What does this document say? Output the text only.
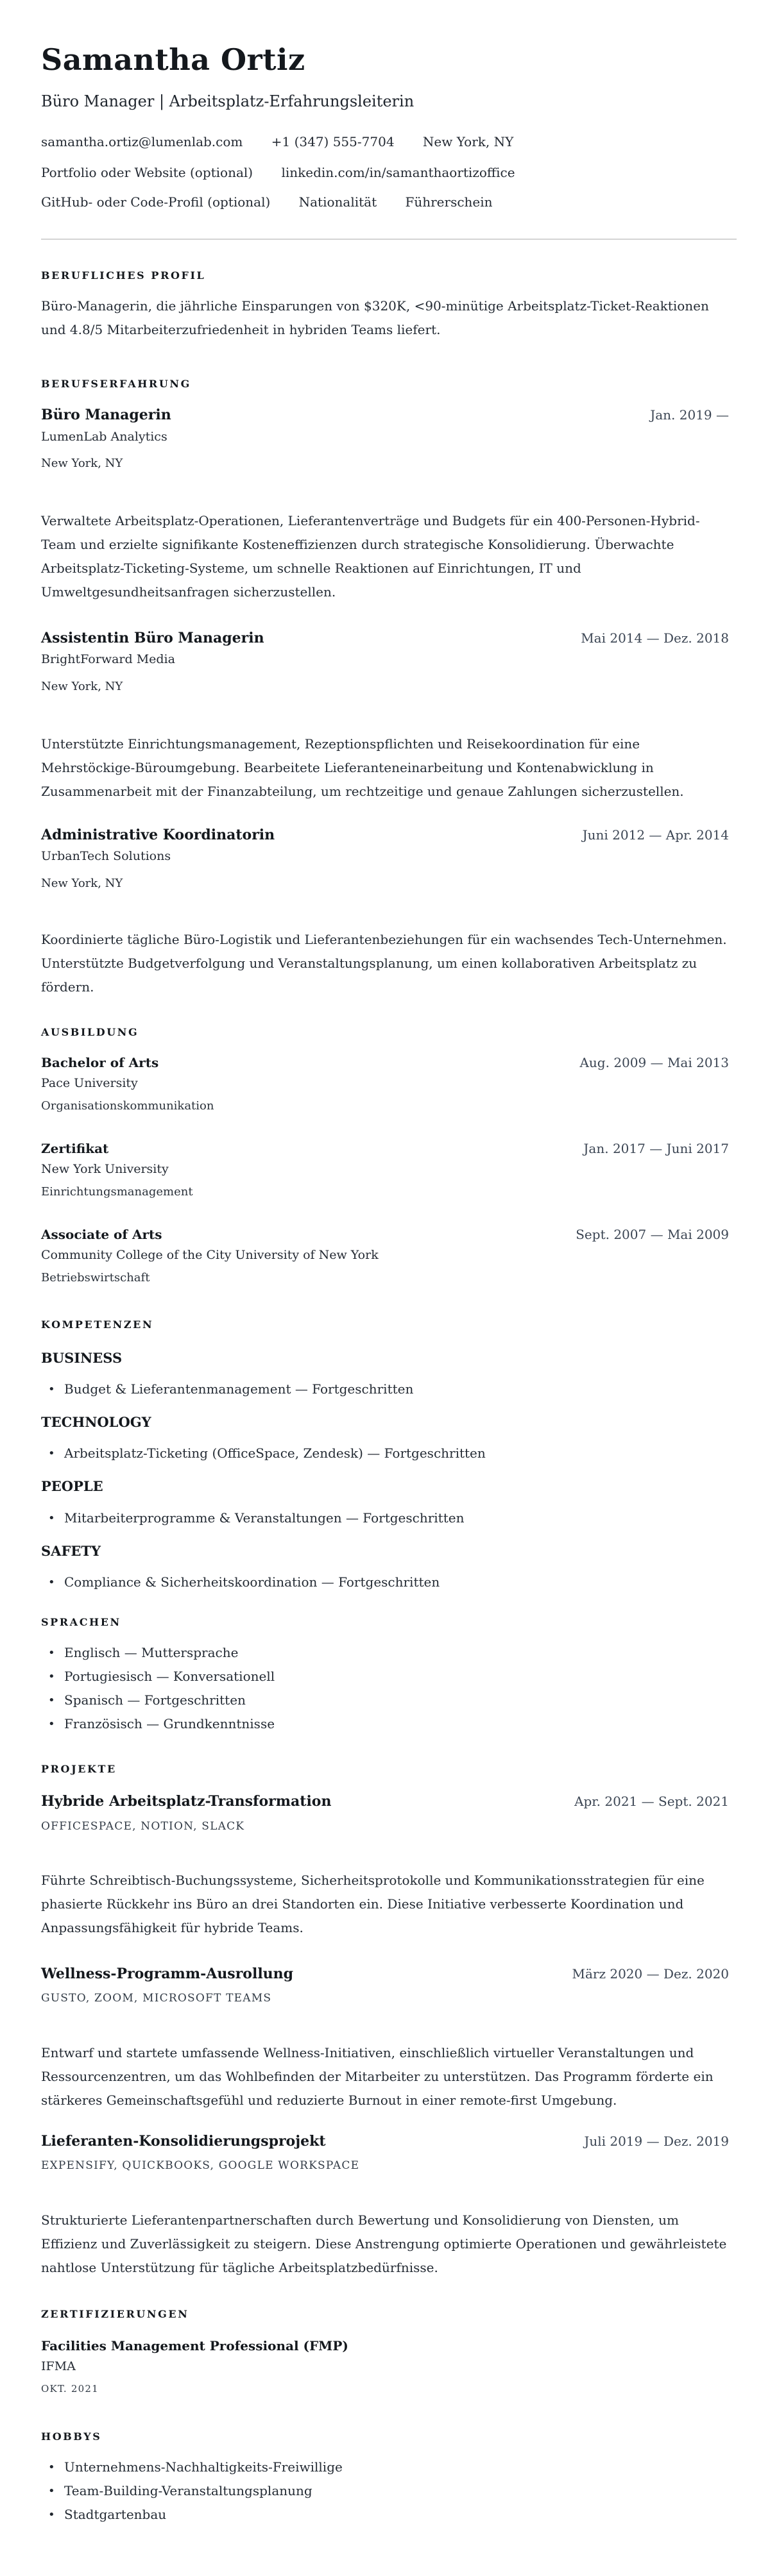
Samantha Ortiz
Büro Manager | Arbeitsplatz-Erfahrungsleiterin
samantha.ortiz@lumenlab.com +1 (347) 555-7704 New York, NY
Portfolio oder Website (optional) linkedin.com/in/samanthaortizoffice
GitHub- oder Code-Profil (optional) Nationalität Führerschein
BERUFLICHES PROFIL

Büro-Managerin, die jährliche Einsparungen von $320K, <90-minütige Arbeitsplatz-Ticket-Reaktionen und 4.8/5 Mitarbeiterzufriedenheit in hybriden Teams liefert.

BERUFSERFAHRUNG
Büro Managerin	Jan. 2019 —
LumenLab Analytics
New York, NY

Verwaltete Arbeitsplatz-Operationen, Lieferantenverträge und Budgets für ein 400-Personen-Hybrid-Team und erzielte signifikante Kosteneffizienzen durch strategische Konsolidierung. Überwachte Arbeitsplatz-Ticketing-Systeme, um schnelle Reaktionen auf Einrichtungen, IT und Umweltgesundheitsanfragen sicherzustellen.

Assistentin Büro Managerin	Mai 2014 — Dez. 2018
BrightForward Media
New York, NY

Unterstützte Einrichtungsmanagement, Rezeptionspflichten und Reisekoordination für eine Mehrstöckige-Büroumgebung. Bearbeitete Lieferanteneinarbeitung und Kontenabwicklung in Zusammenarbeit mit der Finanzabteilung, um rechtzeitige und genaue Zahlungen sicherzustellen.

Administrative Koordinatorin	Juni 2012 — Apr. 2014
UrbanTech Solutions
New York, NY

Koordinierte tägliche Büro-Logistik und Lieferantenbeziehungen für ein wachsendes Tech-Unternehmen. Unterstützte Budgetverfolgung und Veranstaltungsplanung, um einen kollaborativen Arbeitsplatz zu fördern.

AUSBILDUNG
Bachelor of Arts	Aug. 2009 — Mai 2013
Pace University
Organisationskommunikation
Zertifikat	Jan. 2017 — Juni 2017
New York University
Einrichtungsmanagement
Associate of Arts	Sept. 2007 — Mai 2009
Community College of the City University of New York
Betriebswirtschaft
KOMPETENZEN
BUSINESS
• Budget & Lieferantenmanagement — Fortgeschritten
TECHNOLOGY
• Arbeitsplatz-Ticketing (OfficeSpace, Zendesk) — Fortgeschritten
PEOPLE
• Mitarbeiterprogramme & Veranstaltungen — Fortgeschritten
SAFETY
• Compliance & Sicherheitskoordination — Fortgeschritten
SPRACHEN
• Englisch — Muttersprache
• Portugiesisch — Konversationell
• Spanisch — Fortgeschritten
• Französisch — Grundkenntnisse
PROJEKTE
Hybride Arbeitsplatz-Transformation	Apr. 2021 — Sept. 2021
OFFICESPACE, NOTION, SLACK

Führte Schreibtisch-Buchungssysteme, Sicherheitsprotokolle und Kommunikationsstrategien für eine phasierte Rückkehr ins Büro an drei Standorten ein. Diese Initiative verbesserte Koordination und Anpassungsfähigkeit für hybride Teams.

Wellness-Programm-Ausrollung	März 2020 — Dez. 2020
GUSTO, ZOOM, MICROSOFT TEAMS

Entwarf und startete umfassende Wellness-Initiativen, einschließlich virtueller Veranstaltungen und Ressourcenzentren, um das Wohlbefinden der Mitarbeiter zu unterstützen. Das Programm förderte ein stärkeres Gemeinschaftsgefühl und reduzierte Burnout in einer remote-first Umgebung.

Lieferanten-Konsolidierungsprojekt	Juli 2019 — Dez. 2019
EXPENSIFY, QUICKBOOKS, GOOGLE WORKSPACE

Strukturierte Lieferantenpartnerschaften durch Bewertung und Konsolidierung von Diensten, um Effizienz und Zuverlässigkeit zu steigern. Diese Anstrengung optimierte Operationen und gewährleistete nahtlose Unterstützung für tägliche Arbeitsplatzbedürfnisse.

ZERTIFIZIERUNGEN
Facilities Management Professional (FMP)
IFMA
OKT. 2021
HOBBYS
• Unternehmens-Nachhaltigkeits-Freiwillige
• Team-Building-Veranstaltungsplanung
• Stadtgartenbau
